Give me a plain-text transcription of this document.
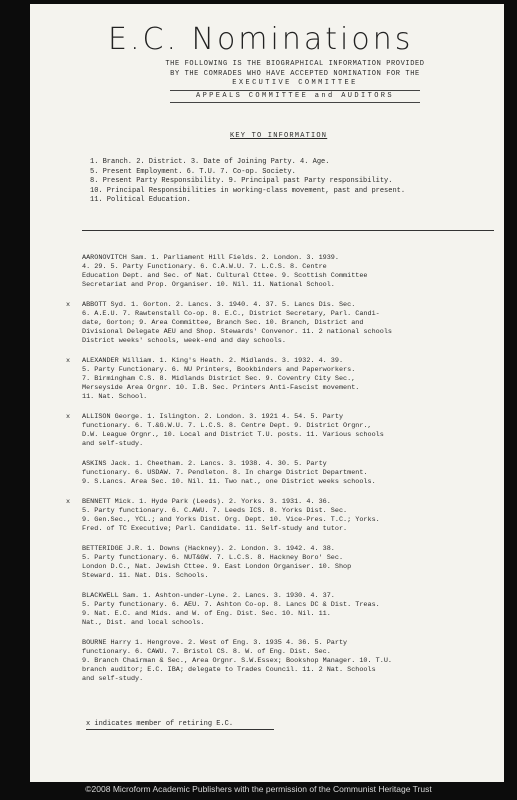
E.C. Nominations
THE FOLLOWING IS THE BIOGRAPHICAL INFORMATION PROVIDED
BY THE COMRADES WHO HAVE ACCEPTED NOMINATION FOR THE
EXECUTIVE COMMITTEE
APPEALS COMMITTEE and AUDITORS
KEY TO INFORMATION
1. Branch. 2. District. 3. Date of Joining Party. 4. Age.
5. Present Employment. 6. T.U. 7. Co-op. Society.
8. Present Party Responsibility. 9. Principal past Party responsibility.
10. Principal Responsibilities in working-class movement, past and present.
11. Political Education.
AARONOVITCH Sam. 1. Parliament Hill Fields. 2. London. 3. 1939.
4. 29. 5. Party Functionary. 6. C.A.W.U. 7. L.C.S. 8. Centre
Education Dept. and Sec. of Nat. Cultural Cttee. 9. Scottish Committee
Secretariat and Prop. Organiser. 10. Nil. 11. National School.
x ABBOTT Syd. 1. Gorton. 2. Lancs. 3. 1940. 4. 37. 5. Lancs Dis. Sec.
6. A.E.U. 7. Rawtenstall Co-op. 8. E.C., District Secretary, Parl. Candi-
date, Gorton; 9. Area Committee, Branch Sec. 10. Branch, District and
Divisional Delegate AEU and Shop. Stewards' Convenor. 11. 2 national schools
District weeks' schools, week-end and day schools.
x ALEXANDER William. 1. King's Heath. 2. Midlands. 3. 1932. 4. 39.
5. Party Functionary. 6. NU Printers, Bookbinders and Paperworkers.
7. Birmingham C.S. 8. Midlands District Sec. 9. Coventry City Sec.,
Merseyside Area Orgnr. 10. I.B. Sec. Printers Anti-Fascist movement.
11. Nat. School.
x ALLISON George. 1. Islington. 2. London. 3. 1921 4. 54. 5. Party
functionary. 6. T.&G.W.U. 7. L.C.S. 8. Centre Dept. 9. District Orgnr.,
D.W. League Orgnr., 10. Local and District T.U. posts. 11. Various schools
and self-study.
ASKINS Jack. 1. Cheetham. 2. Lancs. 3. 1938. 4. 30. 5. Party
functionary. 6. USDAW. 7. Pendleton. 8. In charge District Department.
9. S.Lancs. Area Sec. 10. Nil. 11. Two nat., one District weeks schools.
x BENNETT Mick. 1. Hyde Park (Leeds). 2. Yorks. 3. 1931. 4. 36.
5. Party functionary. 6. C.AWU. 7. Leeds ICS. 8. Yorks Dist. Sec.
9. Gen.Sec., YCL.; and Yorks Dist. Org. Dept. 10. Vice-Pres. T.C.; Yorks.
Fred. of TC Executive; Parl. Candidate. 11. Self-study and tutor.
BETTERIDGE J.R. 1. Downs (Hackney). 2. London. 3. 1942. 4. 38.
5. Party functionary. 6. NUT&GW. 7. L.C.S. 8. Hackney Boro' Sec.
London D.C., Nat. Jewish Cttee. 9. East London Organiser. 10. Shop
Steward. 11. Nat. Dis. Schools.
BLACKWELL Sam. 1. Ashton-under-Lyne. 2. Lancs. 3. 1930. 4. 37.
5. Party functionary. 6. AEU. 7. Ashton Co-op. 8. Lancs DC & Dist. Treas.
9. Nat. E.C. and Mids. and W. of Eng. Dist. Sec. 10. Nil. 11.
Nat., Dist. and local schools.
BOURNE Harry 1. Hengrove. 2. West of Eng. 3. 1935 4. 36. 5. Party
functionary. 6. CAWU. 7. Bristol CS. 8. W. of Eng. Dist. Sec.
9. Branch Chairman & Sec., Area Orgnr. S.W.Essex; Bookshop Manager. 10. T.U.
branch auditor; E.C. IBA; delegate to Trades Council. 11. 2 Nat. Schools
and self-study.
x indicates member of retiring E.C.
©2008 Microform Academic Publishers with the permission of the Communist Heritage Trust
